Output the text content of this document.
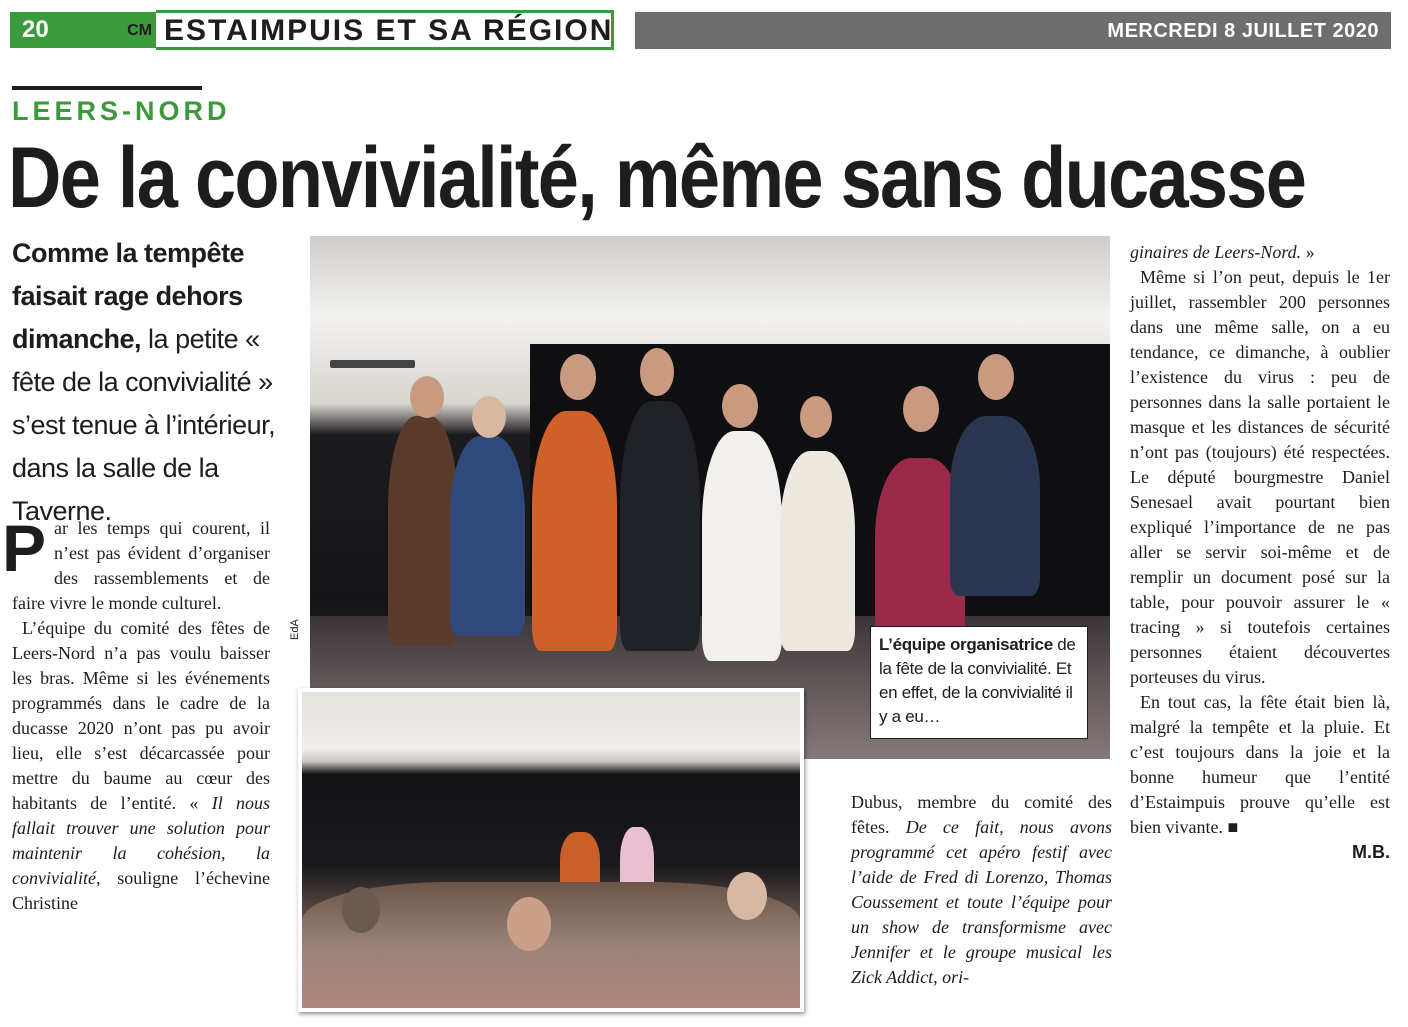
20	CM ESTAIMPUIS ET SA RÉGION	MERCREDI 8 JUILLET 2020
LEERS-NORD
De la convivialité, même sans ducasse
Comme la tempête faisait rage dehors dimanche, la petite « fête de la convivialité » s’est tenue à l’intérieur, dans la salle de la Taverne.

Par les temps qui courent, il n’est pas évident d’organiser des rassemblements et de faire vivre le monde culturel.

L’équipe du comité des fêtes de Leers-Nord n’a pas voulu baisser les bras. Même si les événements programmés dans le cadre de la ducasse 2020 n’ont pas pu avoir lieu, elle s’est décarcassée pour mettre du baume au cœur des habitants de l’entité. « Il nous fallait trouver une solution pour maintenir la cohésion, la convivialité, souligne l’échevine Christine

EdA
L’équipe organisatrice de la fête de la convivialité. Et en effet, de la convivialité il y a eu…

Dubus, membre du comité des fêtes. De ce fait, nous avons programmé cet apéro festif avec l’aide de Fred di Lorenzo, Thomas Coussement et toute l’équipe pour un show de transformisme avec Jennifer et le groupe musical les Zick Addict, ori-

ginaires de Leers-Nord. »

Même si l’on peut, depuis le 1er juillet, rassembler 200 personnes dans une même salle, on a eu tendance, ce dimanche, à oublier l’existence du virus : peu de personnes dans la salle portaient le masque et les distances de sécurité n’ont pas (toujours) été respectées. Le député bourgmestre Daniel Senesael avait pourtant bien expliqué l’importance de ne pas aller se servir soi-même et de remplir un document posé sur la table, pour pouvoir assurer le « tracing » si toutefois certaines personnes étaient découvertes porteuses du virus.

En tout cas, la fête était bien là, malgré la tempête et la pluie. Et c’est toujours dans la joie et la bonne humeur que l’entité d’Estaimpuis prouve qu’elle est bien vivante. ■

M.B.
